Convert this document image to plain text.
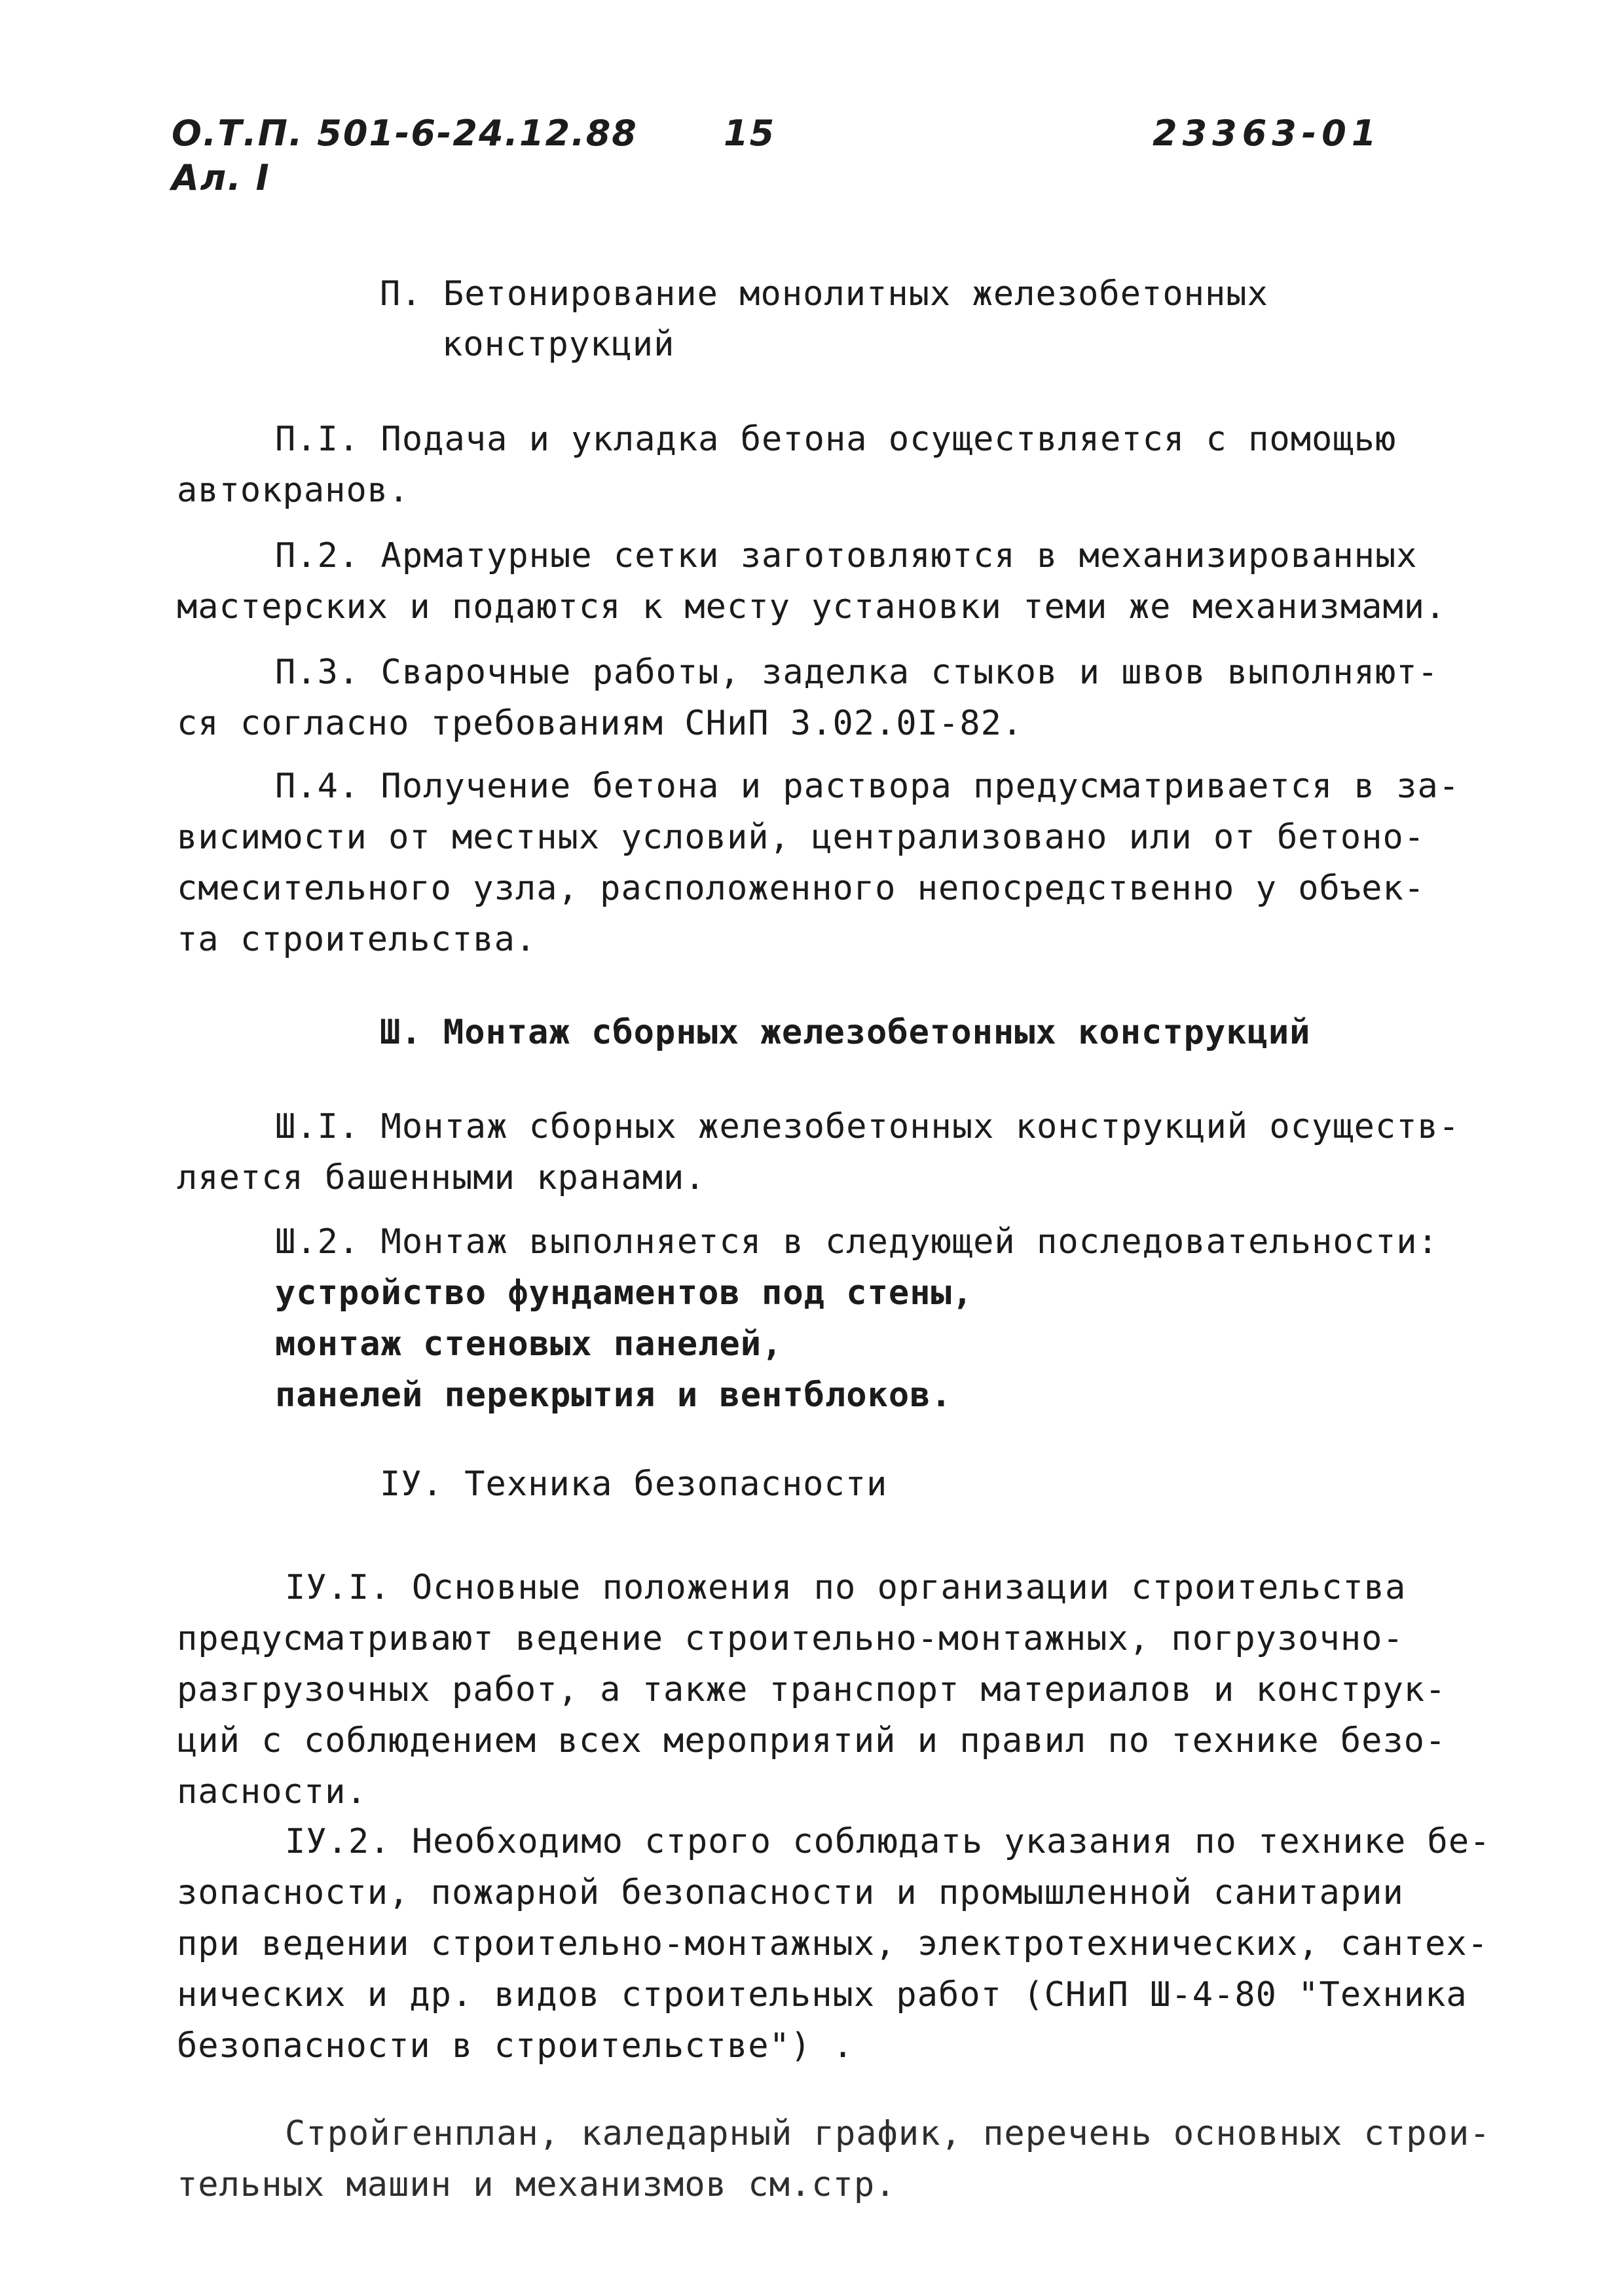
О.Т.П. 501-6-24.12.88
Ал. I
15	23363-01
П. Бетонирование монолитных железобетонных
конструкций
П.I. Подача и укладка бетона осуществляется с помощью
автокранов.
П.2. Арматурные сетки заготовляются в механизированных
мастерских и подаются к месту установки теми же механизмами.
П.3. Сварочные работы, заделка стыков и швов выполняют-
ся согласно требованиям СНиП 3.02.0I-82.
П.4. Получение бетона и раствора предусматривается в за-
висимости от местных условий, централизовано или от бетоно-
смесительного узла, расположенного непосредственно у объек-
та строительства.
Ш. Монтаж сборных железобетонных конструкций
Ш.I. Монтаж сборных железобетонных конструкций осуществ-
ляется башенными кранами.
Ш.2. Монтаж выполняется в следующей последовательности:
устройство фундаментов под стены,
монтаж стеновых панелей,
панелей перекрытия и вентблоков.
IУ. Техника безопасности
IУ.I. Основные положения по организации строительства
предусматривают ведение строительно-монтажных, погрузочно-
разгрузочных работ, а также транспорт материалов и конструк-
ций с соблюдением всех мероприятий и правил по технике безо-
пасности.
IУ.2. Необходимо строго соблюдать указания по технике бе-
зопасности, пожарной безопасности и промышленной санитарии
при ведении строительно-монтажных, электротехнических, сантех-
нических и др. видов строительных работ (СНиП Ш-4-80 "Техника
безопасности в строительстве") .
Стройгенплан, каледарный график, перечень основных строи-
тельных машин и механизмов см.стр.
